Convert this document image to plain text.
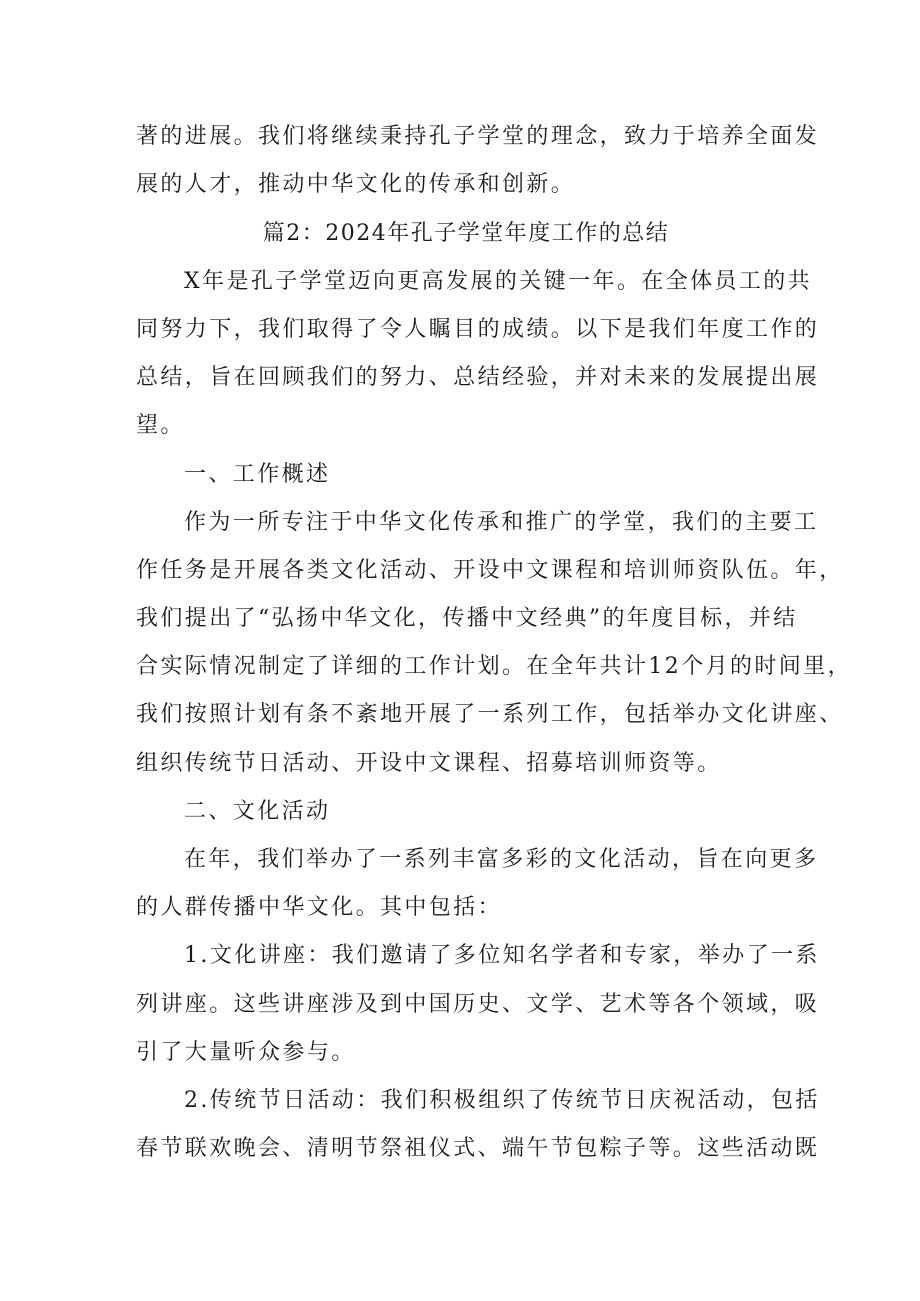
著的进展。我们将继续秉持孔子学堂的理念，致力于培养全面发
展的人才，推动中华文化的传承和创新。
篇2：2024年孔子学堂年度工作的总结
X年是孔子学堂迈向更高发展的关键一年。在全体员工的共
同努力下，我们取得了令人瞩目的成绩。以下是我们年度工作的
总结，旨在回顾我们的努力、总结经验，并对未来的发展提出展
望。
一、工作概述
作为一所专注于中华文化传承和推广的学堂，我们的主要工
作任务是开展各类文化活动、开设中文课程和培训师资队伍。年，
我们提出了“弘扬中华文化，传播中文经典”的年度目标，并结
合实际情况制定了详细的工作计划。在全年共计12个月的时间里，
我们按照计划有条不紊地开展了一系列工作，包括举办文化讲座、
组织传统节日活动、开设中文课程、招募培训师资等。
二、文化活动
在年，我们举办了一系列丰富多彩的文化活动，旨在向更多
的人群传播中华文化。其中包括：
1.文化讲座：我们邀请了多位知名学者和专家，举办了一系
列讲座。这些讲座涉及到中国历史、文学、艺术等各个领域，吸
引了大量听众参与。
2.传统节日活动：我们积极组织了传统节日庆祝活动，包括
春节联欢晚会、清明节祭祖仪式、端午节包粽子等。这些活动既
